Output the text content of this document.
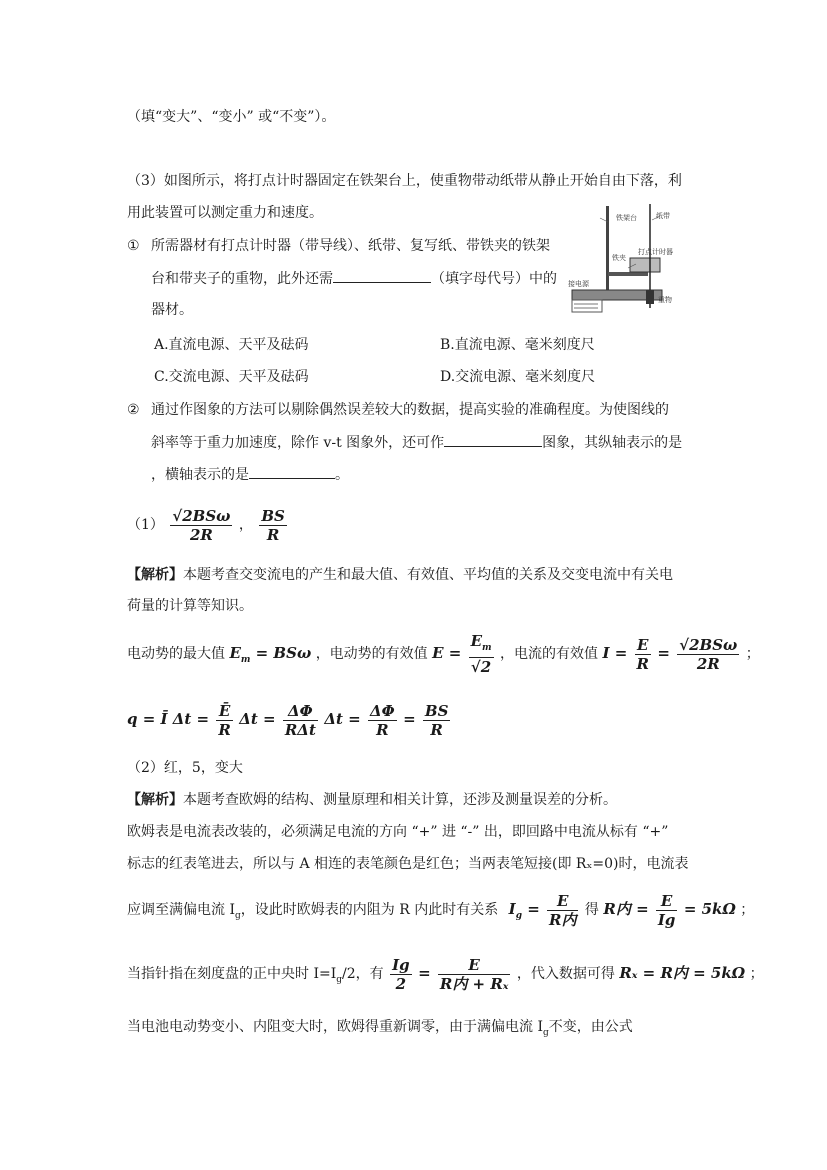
（填“变大”、“变小” 或“不变”）。
（3）如图所示，将打点计时器固定在铁架台上，使重物带动纸带从静止开始自由下落，利
用此装置可以测定重力和速度。
① 所需器材有打点计时器（带导线）、纸带、复写纸、带铁夹的铁架
台和带夹子的重物，此外还需	（填字母代号）中的
器材。
A.直流电源、天平及砝码	B.直流电源、毫米刻度尺
C.交流电源、天平及砝码	D.交流电源、毫米刻度尺
② 通过作图象的方法可以剔除偶然误差较大的数据，提高实验的准确程度。为使图线的
斜率等于重力加速度，除作 v-t 图象外，还可作	图象，其纵轴表示的是
，横轴表示的是	。
铁架台	纸带
铁夹
打点计时器
接电源
重物
$(1) \frac{\text{√2BSω}}{2R}$ ， $\frac{BS}{R}$
【解析】本题考查交变流电的产生和最大值、有效值、平均值的关系及交变电流中有关电
荷量的计算等知识。
电动势的最大值 $E_m = BS\omega$ ，电动势的有效值 $E = \frac{E_m}{√2}$ ，电流的有效值 $I = \frac{E}{R} = \frac{\text{√2BSω}}{2R}$ ；
q = Ī $\Delta t = \frac{Ē}{R}$ $\Delta t = \frac{\Delta\Phi}{\text{RΔt}}$ $\Delta t = \frac{\Delta\Phi}{R} = \frac{BS}{R}$
（2）红，5，变大
【解析】本题考查欧姆的结构、测量原理和相关计算，还涉及测量误差的分析。
欧姆表是电流表改装的，必须满足电流的方向 “+” 进 “-” 出，即回路中电流从标有 “+”
标志的红表笔进去，所以与 A 相连的表笔颜色是红色；当两表笔短接(即 Rₓ=0)时，电流表
应调至满偏电流 $I_g$，设此时欧姆表的内阻为 R 内此时有关系 $I_g = \frac{E}{\text{R内}}$ 得 R内 = $\frac{E}{Ig} = 5k\Omega$ ；
当指针指在刻度盘的正中央时 $I=I_g/2$，有 $\frac{Ig}{2} = \frac{E}{\text{R内 + Rₓ}}$ ，代入数据可得 Rₓ = R内 = 5kΩ ；
当电池电动势变小、内阻变大时，欧姆得重新调零，由于满偏电流 $I_g$不变，由公式
